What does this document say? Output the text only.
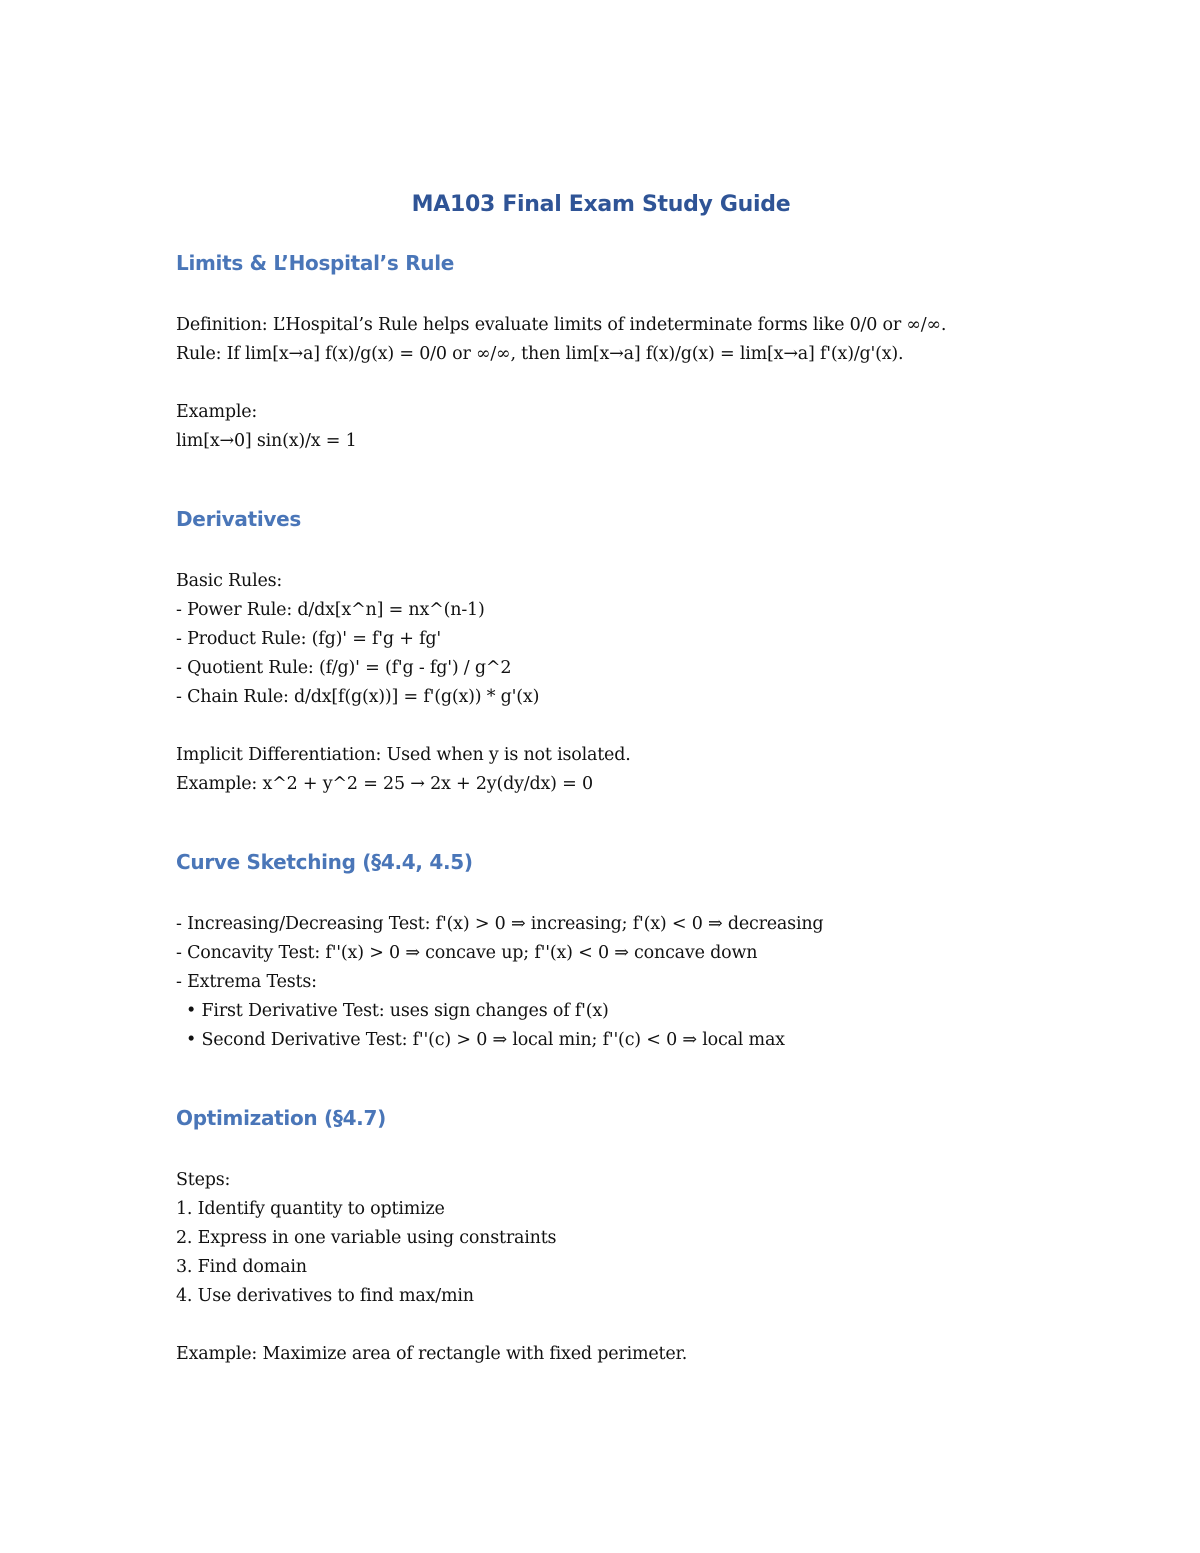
MA103 Final Exam Study Guide
Limits & L’Hospital’s Rule

Definition: L’Hospital’s Rule helps evaluate limits of indeterminate forms like 0/0 or ∞/∞.

Rule: If lim[x→a] f(x)/g(x) = 0/0 or ∞/∞, then lim[x→a] f(x)/g(x) = lim[x→a] f'(x)/g'(x).

Example:

lim[x→0] sin(x)/x = 1

Derivatives

Basic Rules:

- Power Rule: d/dx[x^n] = nx^(n-1)

- Product Rule: (fg)' = f'g + fg'

- Quotient Rule: (f/g)' = (f'g - fg') / g^2

- Chain Rule: d/dx[f(g(x))] = f'(g(x)) * g'(x)

Implicit Differentiation: Used when y is not isolated.

Example: x^2 + y^2 = 25 → 2x + 2y(dy/dx) = 0

Curve Sketching (§4.4, 4.5)

- Increasing/Decreasing Test: f'(x) > 0 ⇒ increasing; f'(x) < 0 ⇒ decreasing

- Concavity Test: f''(x) > 0 ⇒ concave up; f''(x) < 0 ⇒ concave down

- Extrema Tests:

• First Derivative Test: uses sign changes of f'(x)

• Second Derivative Test: f''(c) > 0 ⇒ local min; f''(c) < 0 ⇒ local max

Optimization (§4.7)

Steps:

1. Identify quantity to optimize

2. Express in one variable using constraints

3. Find domain

4. Use derivatives to find max/min

Example: Maximize area of rectangle with fixed perimeter.
